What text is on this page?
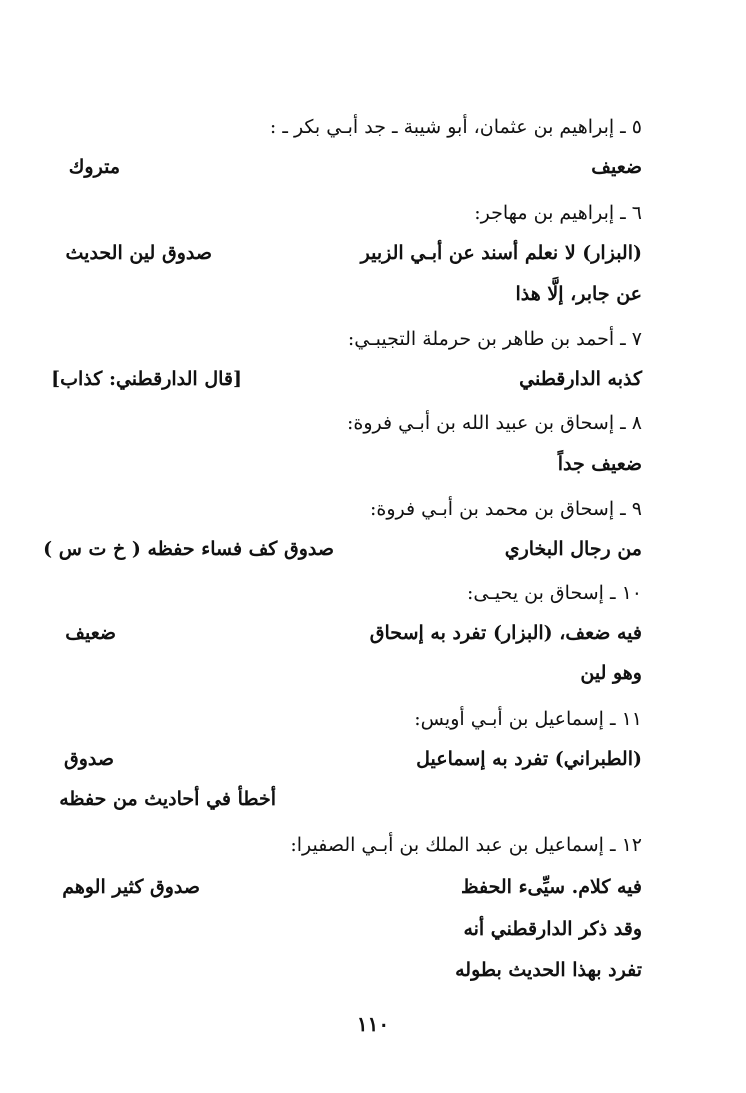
٥ ـ إبراهيم بن عثمان، أبو شيبة ـ جد أبـي بكر ـ :
ضعيف
متروك
٦ ـ إبراهيم بن مهاجر:
(البزار) لا نعلم أسند عن أبـي الزبير
عن جابر، إلَّا هذا
صدوق لين الحديث
٧ ـ أحمد بن طاهر بن حرملة التجيبـي:
كذبه الدارقطني
[قال الدارقطني: كذاب]
٨ ـ إسحاق بن عبيد الله بن أبـي فروة:
ضعيف جداً
٩ ـ إسحاق بن محمد بن أبـي فروة:
من رجال البخاري
صدوق كف فساء حفظه ( خ ت س )
١٠ ـ إسحاق بن يحيـى:
فيه ضعف، (البزار) تفرد به إسحاق
وهو لين
ضعيف
١١ ـ إسماعيل بن أبـي أويس:
(الطبراني) تفرد به إسماعيل
صدوق
أخطأ في أحاديث من حفظه
١٢ ـ إسماعيل بن عبد الملك بن أبـي الصفيرا:
فيه كلام. سيِّىء الحفظ
وقد ذكر الدارقطني أنه
تفرد بهذا الحديث بطوله
صدوق كثير الوهم
١١٠
